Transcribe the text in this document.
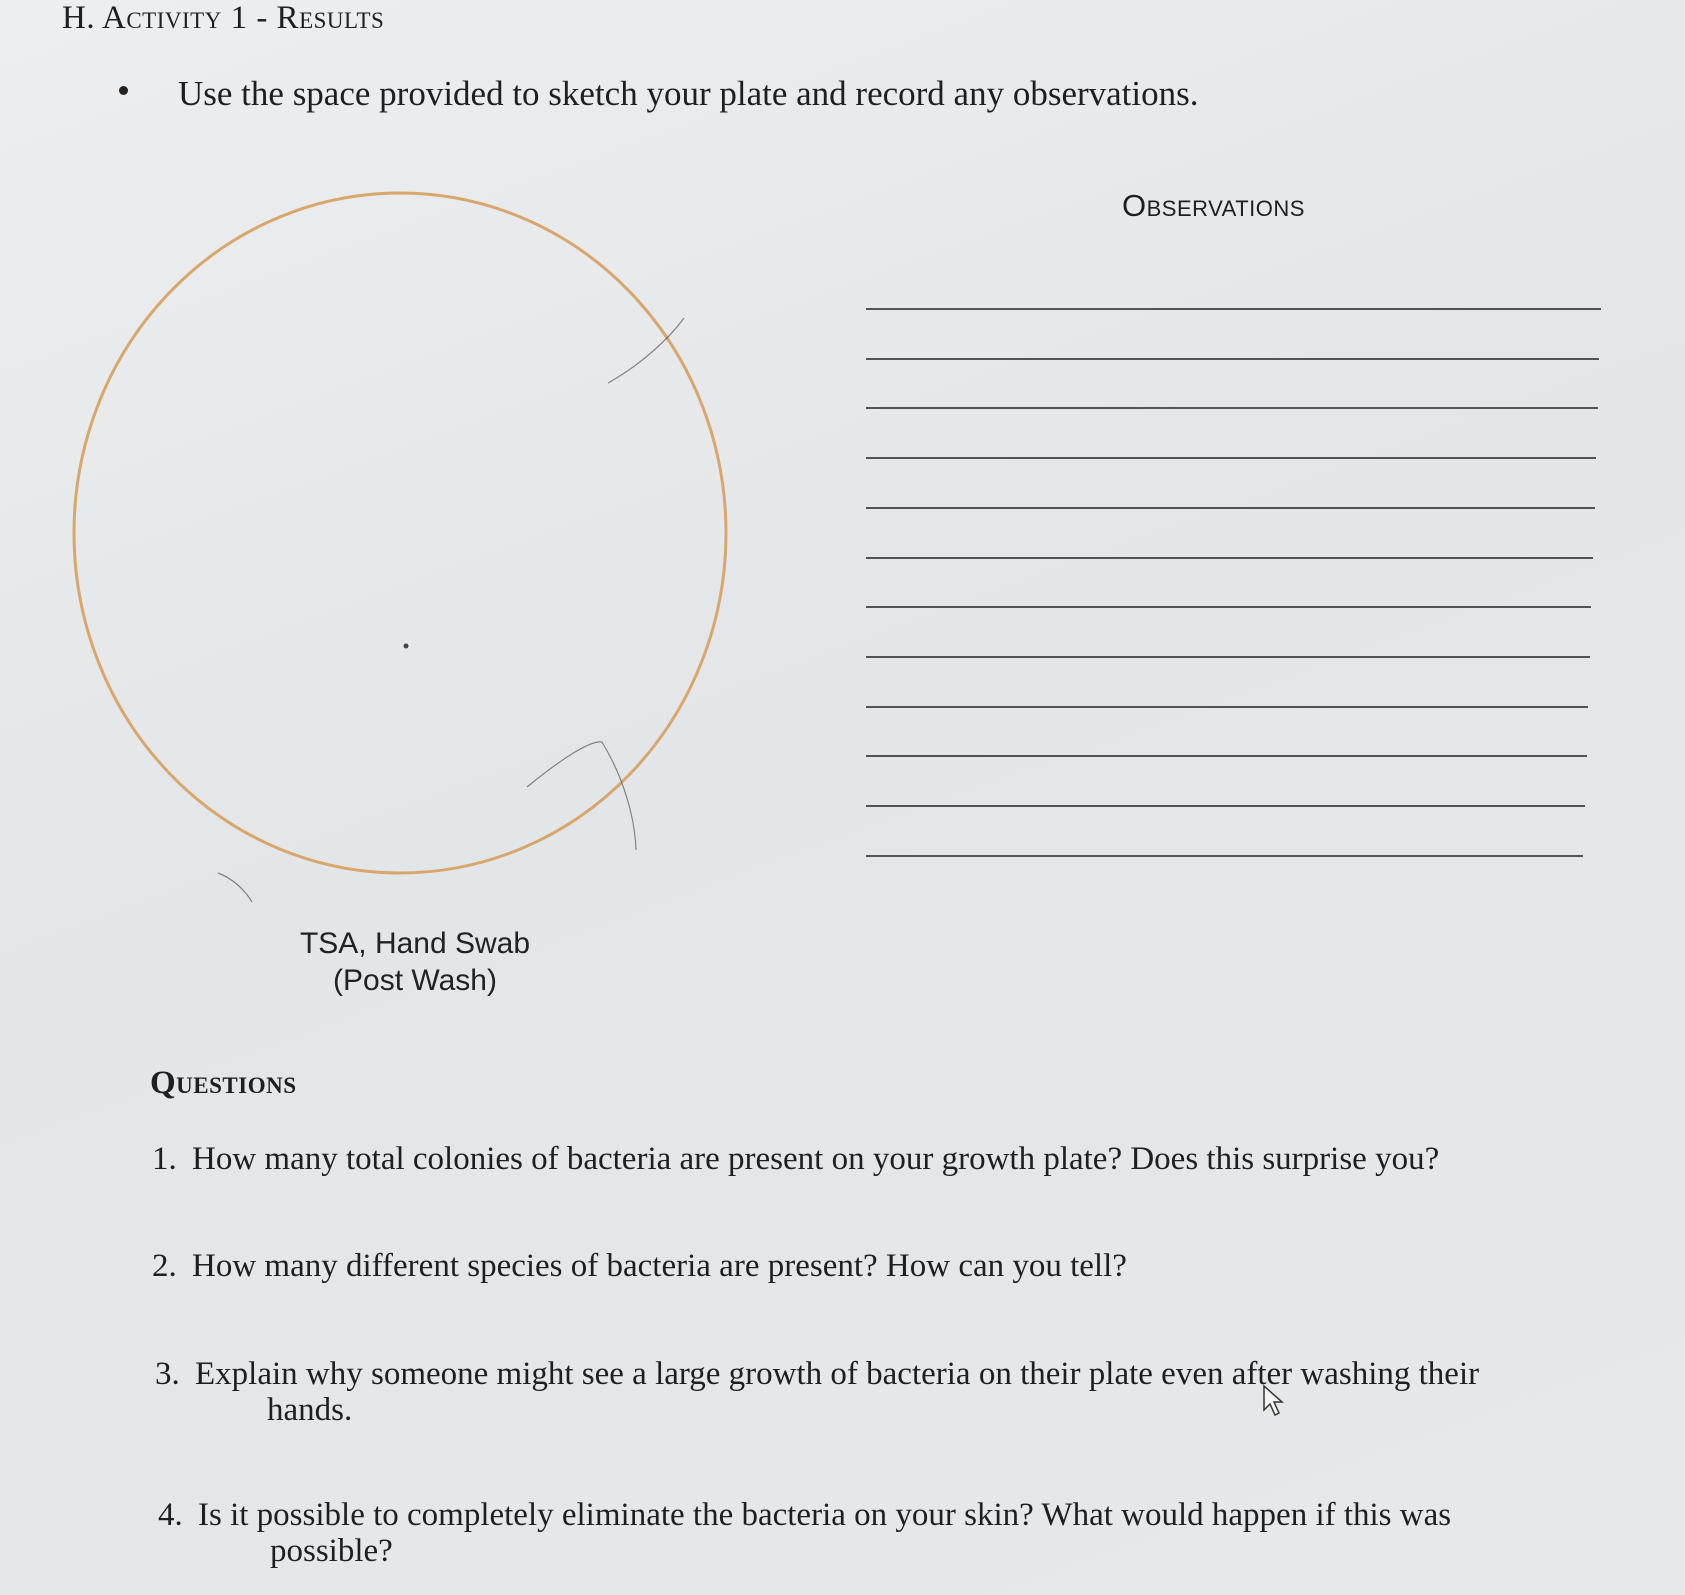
H. Activity 1 - Results
Use the space provided to sketch your plate and record any observations.
TSA, Hand Swab
(Post Wash)
Observations
Questions
1. How many total colonies of bacteria are present on your growth plate? Does this surprise you?
2. How many different species of bacteria are present? How can you tell?
3. Explain why someone might see a large growth of bacteria on their plate even after washing their
hands.
4. Is it possible to completely eliminate the bacteria on your skin? What would happen if this was
possible?
